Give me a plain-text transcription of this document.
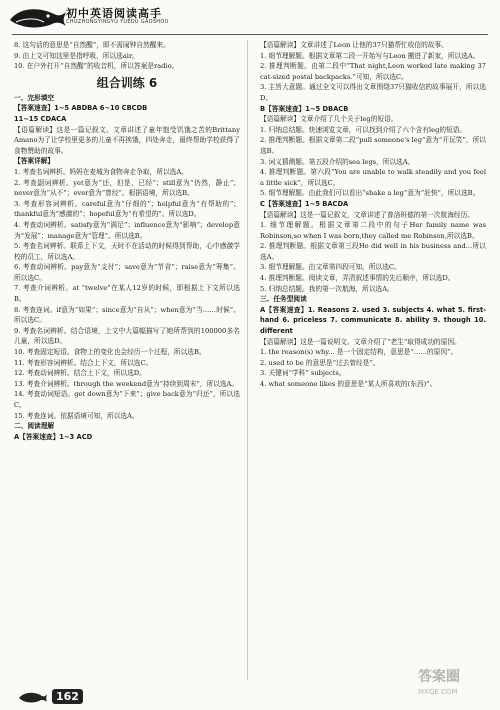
初中英语阅读高手
CHUZHONGYINGYU YUEDU GAOSHOU

8. 这句话的意思是“自然醒”，即不需闹钟自然醒来。

9. 由上文可知这里是指呼吸，所以选air。

10. 在户外打开“自然醒”的收音机，所以答案是radio。

组合训练 6

一、完形填空

【答案速查】1~5 ABDBA 6~10 CBCDB

11~15 CDACA

【语篇解读】这是一篇记叙文。文章讲述了童年饱受饥饿之苦的Brittany Amano为了让学校里更多的儿童不再挨饿，四处奔走，最终帮助学校获得了食物赞助的故事。

【答案详解】

1. 考查名词辨析。妈妈在麦城为食物奔走争取，所以选A。

2. 考查副词辨析。yet意为“还，但是，已经”；still意为“仍然，静止”；never意为“从不”；ever意为“曾经”。根据语境，所以选B。

3. 考查形容词辨析。careful意为“仔细的”；helpful意为“有帮助的”；thankful意为“感激的”；hopeful意为“有希望的”。所以选D。

4. 考查动词辨析。satisfy意为“满足”；influence意为“影响”；develop意为“发展”；manage意为“管理”。所以选B。

5. 考查名词辨析。联系上下文，天时不在活动的时候得到帮助，心中感激学校的员工，所以选A。

6. 考查动词辨析。pay意为“支付”；save意为“节省”；raise意为“筹集”。所以选C。

7. 考查介词辨析。at “twelve”在某人12岁的时候，即根据上下文所以选B。

8. 考查连词。if意为“如果”；since意为“自从”；when意为“当……时候”。所以选C。

9. 考查名词辨析。结合语境，上文中大篇幅描写了她所帮到的100000多名儿童，所以选D。

10. 考查固定短语。食物上的变化也会经历一个过程，所以选B。

11. 考查形容词辨析。结合上下文，所以选C。

12. 考查动词辨析。结合上下文，所以选D。

13. 考查介词辨析。through the weekend意为“持续到周末”，所以选A。

14. 考查动词短语。get down意为“下来”；give back意为“归还”，所以选C。

15. 考查连词。依据语境可知，所以选A。

二、阅读理解

A【答案速查】1~3 ACD

【语篇解读】文章讲述了Leon 让他的37只猫帮忙收信的故事。

1. 细节理解题。根据文章第二段一开始写与Leon 搬进了新家，所以选A。

2. 推理判断题。由第二段中“That night,Leon worked late making 37 cat-sized postal backpacks.”可知，所以选C。

3. 主旨大意题。通过全文可以得出文章围绕37只猫收信的故事展开，所以选D。

B【答案速查】1~5 DBACB

【语篇解读】文章介绍了几个关于leg的短语。

1. 归纳总结题。快速浏览文章，可以找到介绍了六个含有leg的短语。

2. 推理判断题。根据文章第二段“pull someone's leg”意为“开玩笑”，所以选B。

3. 词义猜测题。第五段介绍的sea legs，所以选A。

4. 推理判断题。第六段“You are unable to walk steadily and you feel a little sick”，所以选C。

5. 细节理解题。由此我们可以看出“shake a leg”意为“赶快”，所以选B。

C【答案速查】1~5 BACDA

【语篇解读】这是一篇记叙文，文章讲述了普洛班德的第一次航海经历。

1. 细节理解题。根据文章第二段中的句子Her family name was Robinson,so when I was born,they called me Robinson,所以选B。

2. 推理判断题。根据文章第三段He did well in his business and...所以选A。

3. 细节理解题。由文章第四段可知，所以选C。

4. 推理判断题。阅读文章，弄清叙述事情的先后顺序，所以选D。

5. 归纳总结题。我的第一次航海，所以选A。

三、任务型阅读

A【答案速查】1. Reasons 2. used 3. subjects 4. what 5. first-hand 6. priceless 7. communicate 8. ability 9. though 10. different

【语篇解读】这是一篇说明文。文章介绍了“老生”取得成功的原因。

1. the reason(s) why... 是一个固定结构，意思是“……的原因”。

2. used to be 的意思是“过去曾经是”。

3. 关键词“学科” subjects。

4. what someone likes 的意思是“某人所喜欢的(东西)”。

162
答案圈
MXQE.COM
